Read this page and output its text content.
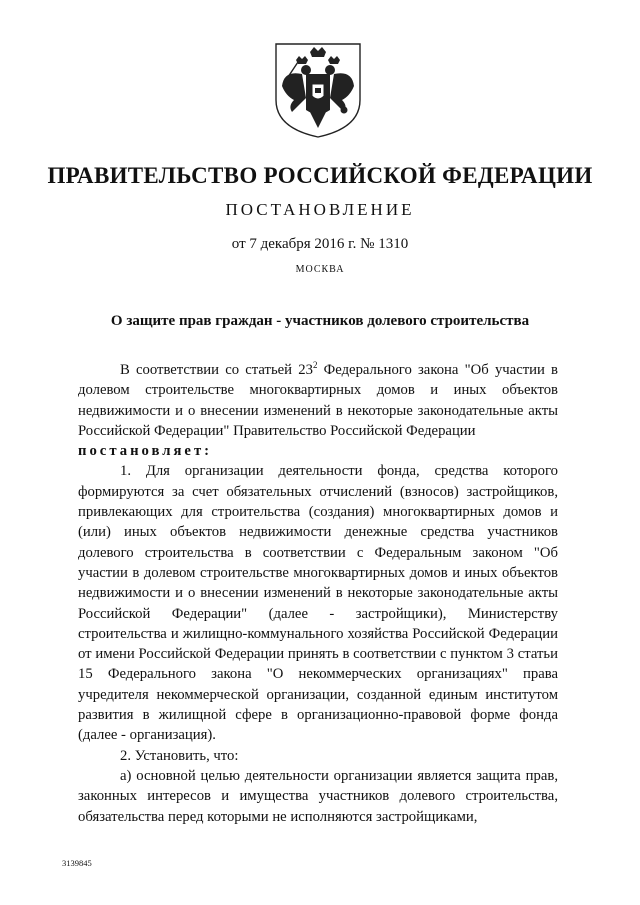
ПРАВИТЕЛЬСТВО РОССИЙСКОЙ ФЕДЕРАЦИИ
ПОСТАНОВЛЕНИЕ
от 7 декабря 2016 г. № 1310
МОСКВА
О защите прав граждан - участников долевого строительства

В соответствии со статьей $23^2$ Федерального закона "Об участии в долевом строительстве многоквартирных домов и иных объектов недвижимости и о внесении изменений в некоторые законодательные акты Российской Федерации" Правительство Российской Федерации

постановляет:

1. Для организации деятельности фонда, средства которого формируются за счет обязательных отчислений (взносов) застройщиков, привлекающих для строительства (создания) многоквартирных домов и (или) иных объектов недвижимости денежные средства участников долевого строительства в соответствии с Федеральным законом "Об участии в долевом строительстве многоквартирных домов и иных объектов недвижимости и о внесении изменений в некоторые законодательные акты Российской Федерации" (далее - застройщики), Министерству строительства и жилищно-коммунального хозяйства Российской Федерации от имени Российской Федерации принять в соответствии с пунктом 3 статьи 15 Федерального закона "О некоммерческих организациях" права учредителя некоммерческой организации, созданной единым институтом развития в жилищной сфере в организационно-правовой форме фонда (далее - организация).

2. Установить, что:

а) основной целью деятельности организации является защита прав, законных интересов и имущества участников долевого строительства, обязательства перед которыми не исполняются застройщиками,

3139845
